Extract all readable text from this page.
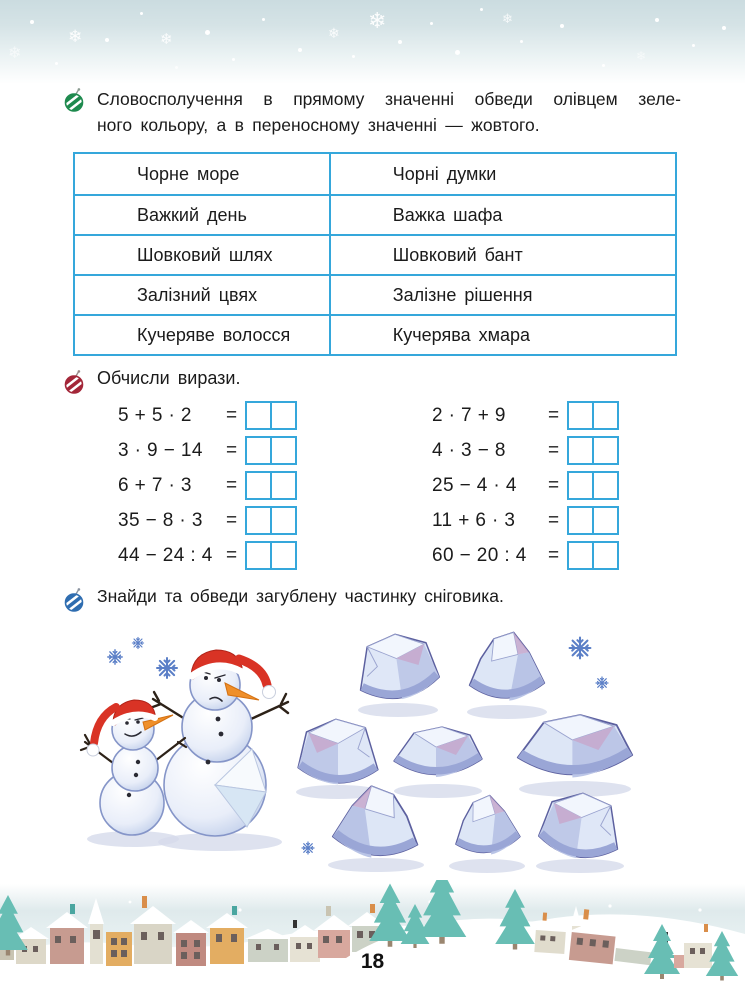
❄	❄	❄ ❄
❄
❄
❄
Словосполучення в прямому значенні обведи олівцем зеле-
ного кольору, а в переносному значенні — жовтого.
Чорне море	Чорні думки
Важкий день	Важка шафа
Шовковий шлях	Шовковий бант
Залізний цвях	Залізне рішення
Кучеряве волосся	Кучерява хмара
Обчисли вирази.
5 + 5 · 2	=
3 · 9 − 14	=
6 + 7 · 3	=
35 − 8 · 3	=
44 − 24 : 4 =
2 · 7 + 9	=
4 · 3 − 8	=
25 − 4 · 4	=
11 + 6 · 3	=
60 − 20 : 4	=
Знайди та обведи загублену частинку сніговика.
18
